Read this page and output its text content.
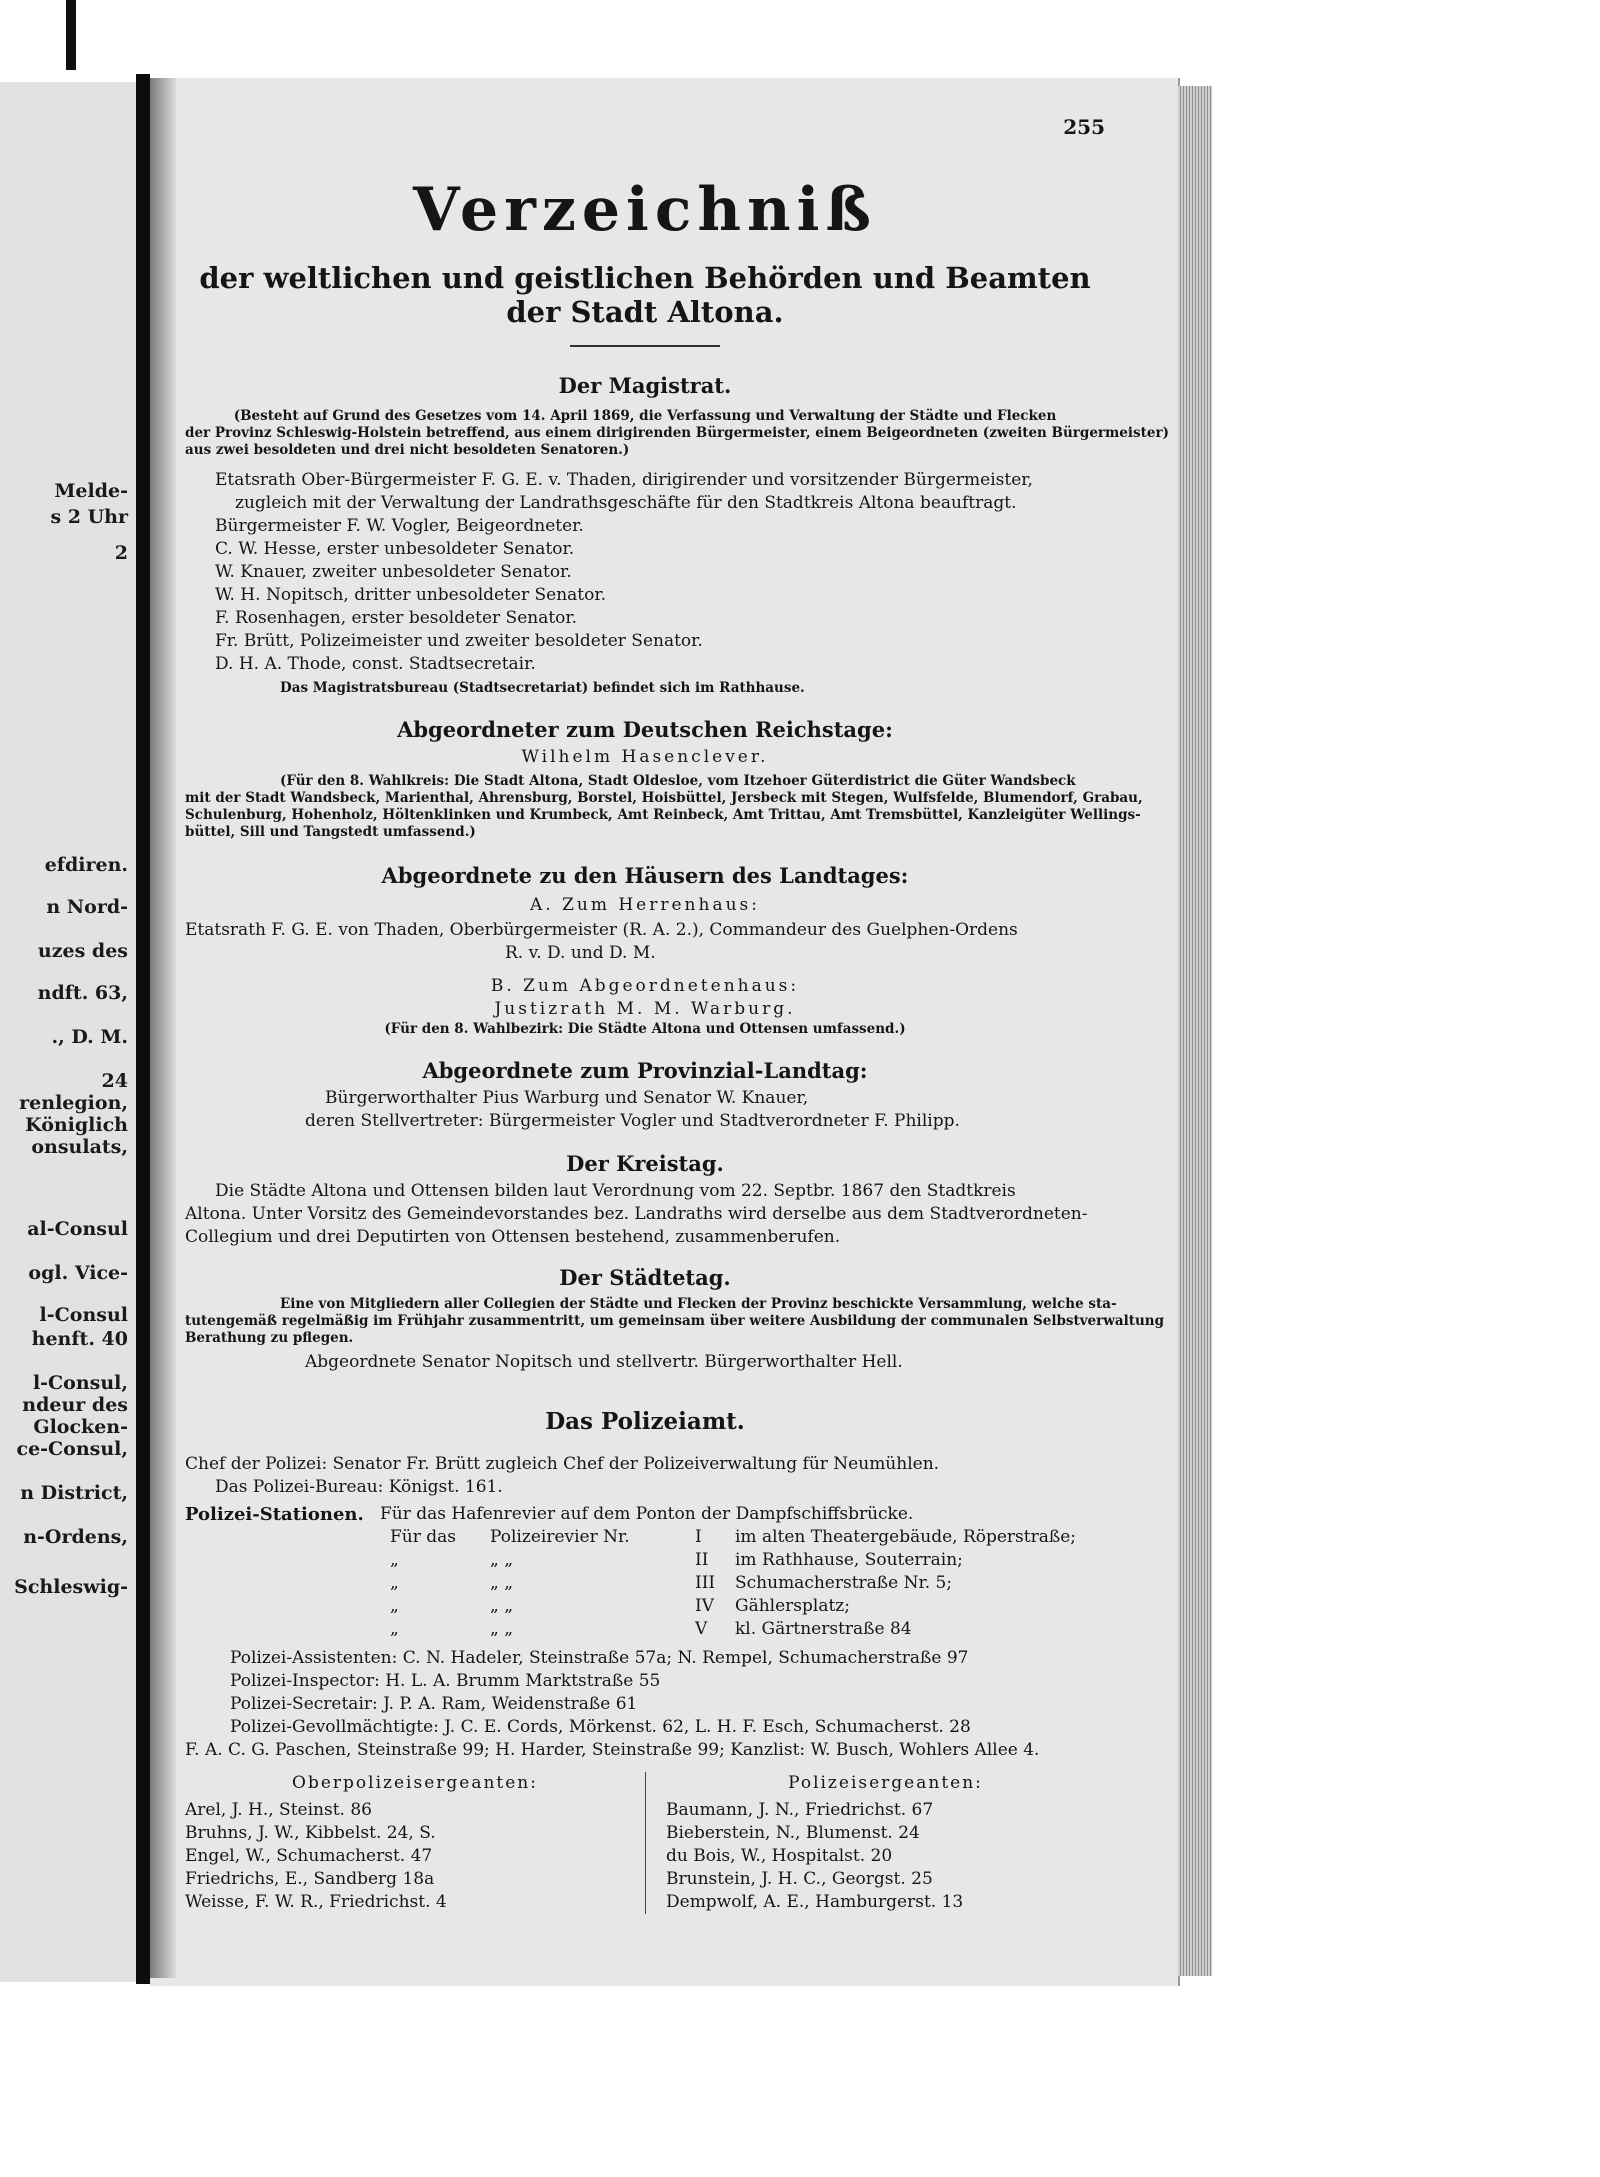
Melde-
s 2 Uhr
2
efdiren.
n Nord-
uzes des
ndft. 63,
., D. M.
24
renlegion,
Königlich
onsulats,
al-Consul
ogl. Vice-
l-Consul
henft. 40
l-Consul,
ndeur des
Glocken-
ce-Consul,
n District,
n-Ordens,
Schleswig-
255
Verzeichniß
der weltlichen und geistlichen Behörden und Beamten der Stadt Altona.
Der Magistrat.
(Besteht auf Grund des Gesetzes vom 14. April 1869, die Verfassung und Verwaltung der Städte und Flecken
der Provinz Schleswig-Holstein betreffend, aus einem dirigirenden Bürgermeister, einem Beigeordneten (zweiten Bürgermeister)
aus zwei besoldeten und drei nicht besoldeten Senatoren.)
Etatsrath Ober-Bürgermeister F. G. E. v. Thaden, dirigirender und vorsitzender Bürgermeister,
zugleich mit der Verwaltung der Landrathsgeschäfte für den Stadtkreis Altona beauftragt.
Bürgermeister F. W. Vogler, Beigeordneter.
C. W. Hesse, erster unbesoldeter Senator.
W. Knauer, zweiter unbesoldeter Senator.
W. H. Nopitsch, dritter unbesoldeter Senator.
F. Rosenhagen, erster besoldeter Senator.
Fr. Brütt, Polizeimeister und zweiter besoldeter Senator.
D. H. A. Thode, const. Stadtsecretair.
Das Magistratsbureau (Stadtsecretariat) befindet sich im Rathhause.
Abgeordneter zum Deutschen Reichstage:
Wilhelm Hasenclever.
(Für den 8. Wahlkreis: Die Stadt Altona, Stadt Oldesloe, vom Itzehoer Güterdistrict die Güter Wandsbeck
mit der Stadt Wandsbeck, Marienthal, Ahrensburg, Borstel, Hoisbüttel, Jersbeck mit Stegen, Wulfsfelde, Blumendorf, Grabau,
Schulenburg, Hohenholz, Höltenklinken und Krumbeck, Amt Reinbeck, Amt Trittau, Amt Tremsbüttel, Kanzleigüter Wellings-
büttel, Sill und Tangstedt umfassend.)
Abgeordnete zu den Häusern des Landtages:
A. Zum Herrenhaus:
Etatsrath F. G. E. von Thaden, Oberbürgermeister (R. A. 2.), Commandeur des Guelphen-Ordens
R. v. D. und D. M.
B. Zum Abgeordnetenhaus:
Justizrath M. M. Warburg.
(Für den 8. Wahlbezirk: Die Städte Altona und Ottensen umfassend.)
Abgeordnete zum Provinzial-Landtag:
Bürgerworthalter Pius Warburg und Senator W. Knauer,
deren Stellvertreter: Bürgermeister Vogler und Stadtverordneter F. Philipp.
Der Kreistag.
Die Städte Altona und Ottensen bilden laut Verordnung vom 22. Septbr. 1867 den Stadtkreis
Altona. Unter Vorsitz des Gemeindevorstandes bez. Landraths wird derselbe aus dem Stadtverordneten-
Collegium und drei Deputirten von Ottensen bestehend, zusammenberufen.
Der Städtetag.
Eine von Mitgliedern aller Collegien der Städte und Flecken der Provinz beschickte Versammlung, welche sta-
tutengemäß regelmäßig im Frühjahr zusammentritt, um gemeinsam über weitere Ausbildung der communalen Selbstverwaltung
Berathung zu pflegen.
Abgeordnete Senator Nopitsch und stellvertr. Bürgerworthalter Hell.
Das Polizeiamt.
Chef der Polizei: Senator Fr. Brütt zugleich Chef der Polizeiverwaltung für Neumühlen.
Das Polizei-Bureau: Königst. 161.
Polizei-Stationen. Für das Hafenrevier auf dem Ponton der Dampfschiffsbrücke.
Für das	Polizeirevier Nr.	I	im alten Theatergebäude, Röperstraße;
„	„ „	II	im Rathhause, Souterrain;
„	„ „	III	Schumacherstraße Nr. 5;
„	„ „	IV	Gählersplatz;
„	„ „	V	kl. Gärtnerstraße 84
Polizei-Assistenten: C. N. Hadeler, Steinstraße 57a; N. Rempel, Schumacherstraße 97
Polizei-Inspector: H. L. A. Brumm Marktstraße 55
Polizei-Secretair: J. P. A. Ram, Weidenstraße 61
Polizei-Gevollmächtigte: J. C. E. Cords, Mörkenst. 62, L. H. F. Esch, Schumacherst. 28
F. A. C. G. Paschen, Steinstraße 99; H. Harder, Steinstraße 99; Kanzlist: W. Busch, Wohlers Allee 4.
Oberpolizeisergeanten:
Arel, J. H., Steinst. 86
Bruhns, J. W., Kibbelst. 24, S.
Engel, W., Schumacherst. 47
Friedrichs, E., Sandberg 18a
Weisse, F. W. R., Friedrichst. 4
Polizeisergeanten:
Baumann, J. N., Friedrichst. 67
Bieberstein, N., Blumenst. 24
du Bois, W., Hospitalst. 20
Brunstein, J. H. C., Georgst. 25
Dempwolf, A. E., Hamburgerst. 13
